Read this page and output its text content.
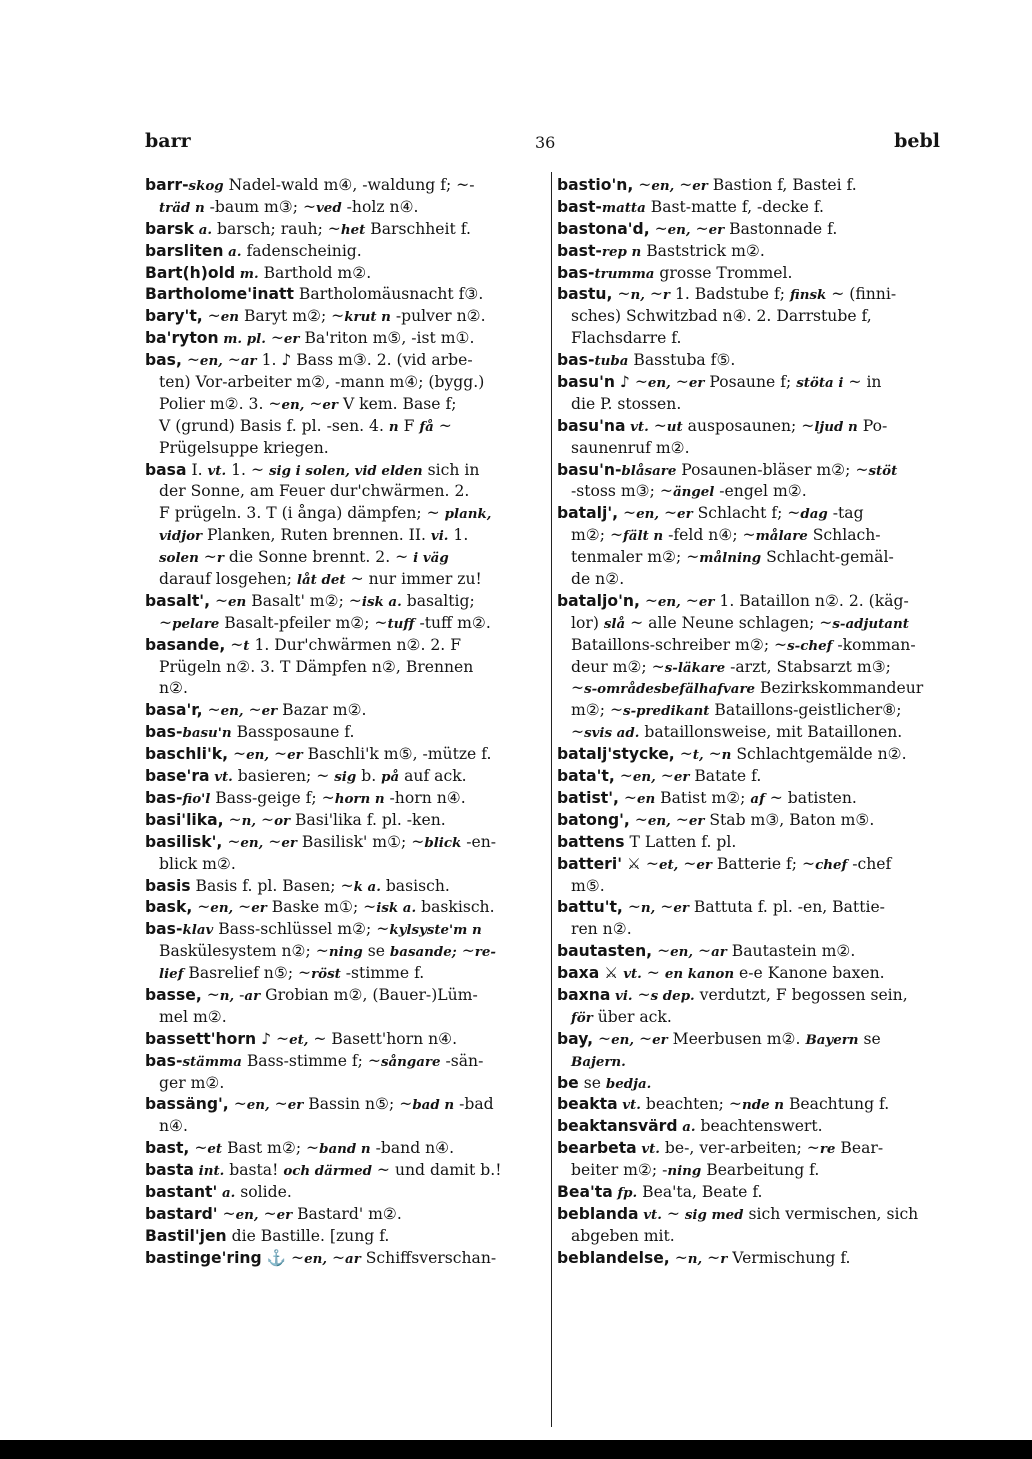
barr	36	bebl
barr-skog Nadel-wald m④, -waldung f; ~-
träd n -baum m③; ~ved -holz n④.
barsk a. barsch; rauh; ~het Barschheit f.
barsliten a. fadenscheinig.
Bart(h)old m. Barthold m②.
Bartholome'inatt Bartholomäusnacht f③.
bary't, ~en Baryt m②; ~krut n -pulver n②.
ba'ryton m. pl. ~er Ba'riton m⑤, -ist m①.
bas, ~en, ~ar 1. ♪ Bass m③. 2. (vid arbe-
ten) Vor-arbeiter m②, -mann m④; (bygg.)
Polier m②. 3. ~en, ~er V kem. Base f;
V (grund) Basis f. pl. -sen. 4. n F få ~
Prügelsuppe kriegen.
basa I. vt. 1. ~ sig i solen, vid elden sich in
der Sonne, am Feuer dur'chwärmen. 2.
F prügeln. 3. T (i ånga) dämpfen; ~ plank,
vidjor Planken, Ruten brennen. II. vi. 1.
solen ~r die Sonne brennt. 2. ~ i väg
darauf losgehen; låt det ~ nur immer zu!
basalt', ~en Basalt' m②; ~isk a. basaltig;
~pelare Basalt-pfeiler m②; ~tuff -tuff m②.
basande, ~t 1. Dur'chwärmen n②. 2. F
Prügeln n②. 3. T Dämpfen n②, Brennen
n②.
basa'r, ~en, ~er Bazar m②.
bas-basu'n Bassposaune f.
baschli'k, ~en, ~er Baschli'k m⑤, -mütze f.
base'ra vt. basieren; ~ sig b. på auf ack.
bas-fio'l Bass-geige f; ~horn n -horn n④.
basi'lika, ~n, ~or Basi'lika f. pl. -ken.
basilisk', ~en, ~er Basilisk' m①; ~blick -en-
blick m②.
basis Basis f. pl. Basen; ~k a. basisch.
bask, ~en, ~er Baske m①; ~isk a. baskisch.
bas-klav Bass-schlüssel m②; ~kylsyste'm n
Baskülesystem n②; ~ning se basande; ~re-
lief Basrelief n⑤; ~röst -stimme f.
basse, ~n, -ar Grobian m②, (Bauer-)Lüm-
mel m②.
bassett'horn ♪ ~et, ~ Basett'horn n④.
bas-stämma Bass-stimme f; ~sångare -sän-
ger m②.
bassäng', ~en, ~er Bassin n⑤; ~bad n -bad
n④.
bast, ~et Bast m②; ~band n -band n④.
basta int. basta! och därmed ~ und damit b.!
bastant' a. solide.
bastard' ~en, ~er Bastard' m②.
Bastil'jen die Bastille. [zung f.
bastinge'ring ⚓ ~en, ~ar Schiffsverschan-
bastio'n, ~en, ~er Bastion f, Bastei f.
bast-matta Bast-matte f, -decke f.
bastona'd, ~en, ~er Bastonnade f.
bast-rep n Baststrick m②.
bas-trumma grosse Trommel.
bastu, ~n, ~r 1. Badstube f; finsk ~ (finni-
sches) Schwitzbad n④. 2. Darrstube f,
Flachsdarre f.
bas-tuba Basstuba f⑤.
basu'n ♪ ~en, ~er Posaune f; stöta i ~ in
die P. stossen.
basu'na vt. ~ut ausposaunen; ~ljud n Po-
saunenruf m②.
basu'n-blåsare Posaunen-bläser m②; ~stöt
-stoss m③; ~ängel -engel m②.
batalj', ~en, ~er Schlacht f; ~dag -tag
m②; ~fält n -feld n④; ~målare Schlach-
tenmaler m②; ~målning Schlacht-gemäl-
de n②.
bataljo'n, ~en, ~er 1. Bataillon n②. 2. (käg-
lor) slå ~ alle Neune schlagen; ~s-adjutant
Bataillons-schreiber m②; ~s-chef -komman-
deur m②; ~s-läkare -arzt, Stabsarzt m③;
~s-områdesbefälhafvare Bezirkskommandeur
m②; ~s-predikant Bataillons-geistlicher⑧;
~svis ad. bataillonsweise, mit Bataillonen.
batalj'stycke, ~t, ~n Schlachtgemälde n②.
bata't, ~en, ~er Batate f.
batist', ~en Batist m②; af ~ batisten.
batong', ~en, ~er Stab m③, Baton m⑤.
battens T Latten f. pl.
batteri' ⚔ ~et, ~er Batterie f; ~chef -chef
m⑤.
battu't, ~n, ~er Battuta f. pl. -en, Battie-
ren n②.
bautasten, ~en, ~ar Bautastein m②.
baxa ⚔ vt. ~ en kanon e-e Kanone baxen.
baxna vi. ~s dep. verdutzt, F begossen sein,
för über ack.
bay, ~en, ~er Meerbusen m②. Bayern se
Bajern.
be se bedja.
beakta vt. beachten; ~nde n Beachtung f.
beaktansvärd a. beachtenswert.
bearbeta vt. be-, ver-arbeiten; ~re Bear-
beiter m②; -ning Bearbeitung f.
Bea'ta fp. Bea'ta, Beate f.
beblanda vt. ~ sig med sich vermischen, sich
abgeben mit.
beblandelse, ~n, ~r Vermischung f.
